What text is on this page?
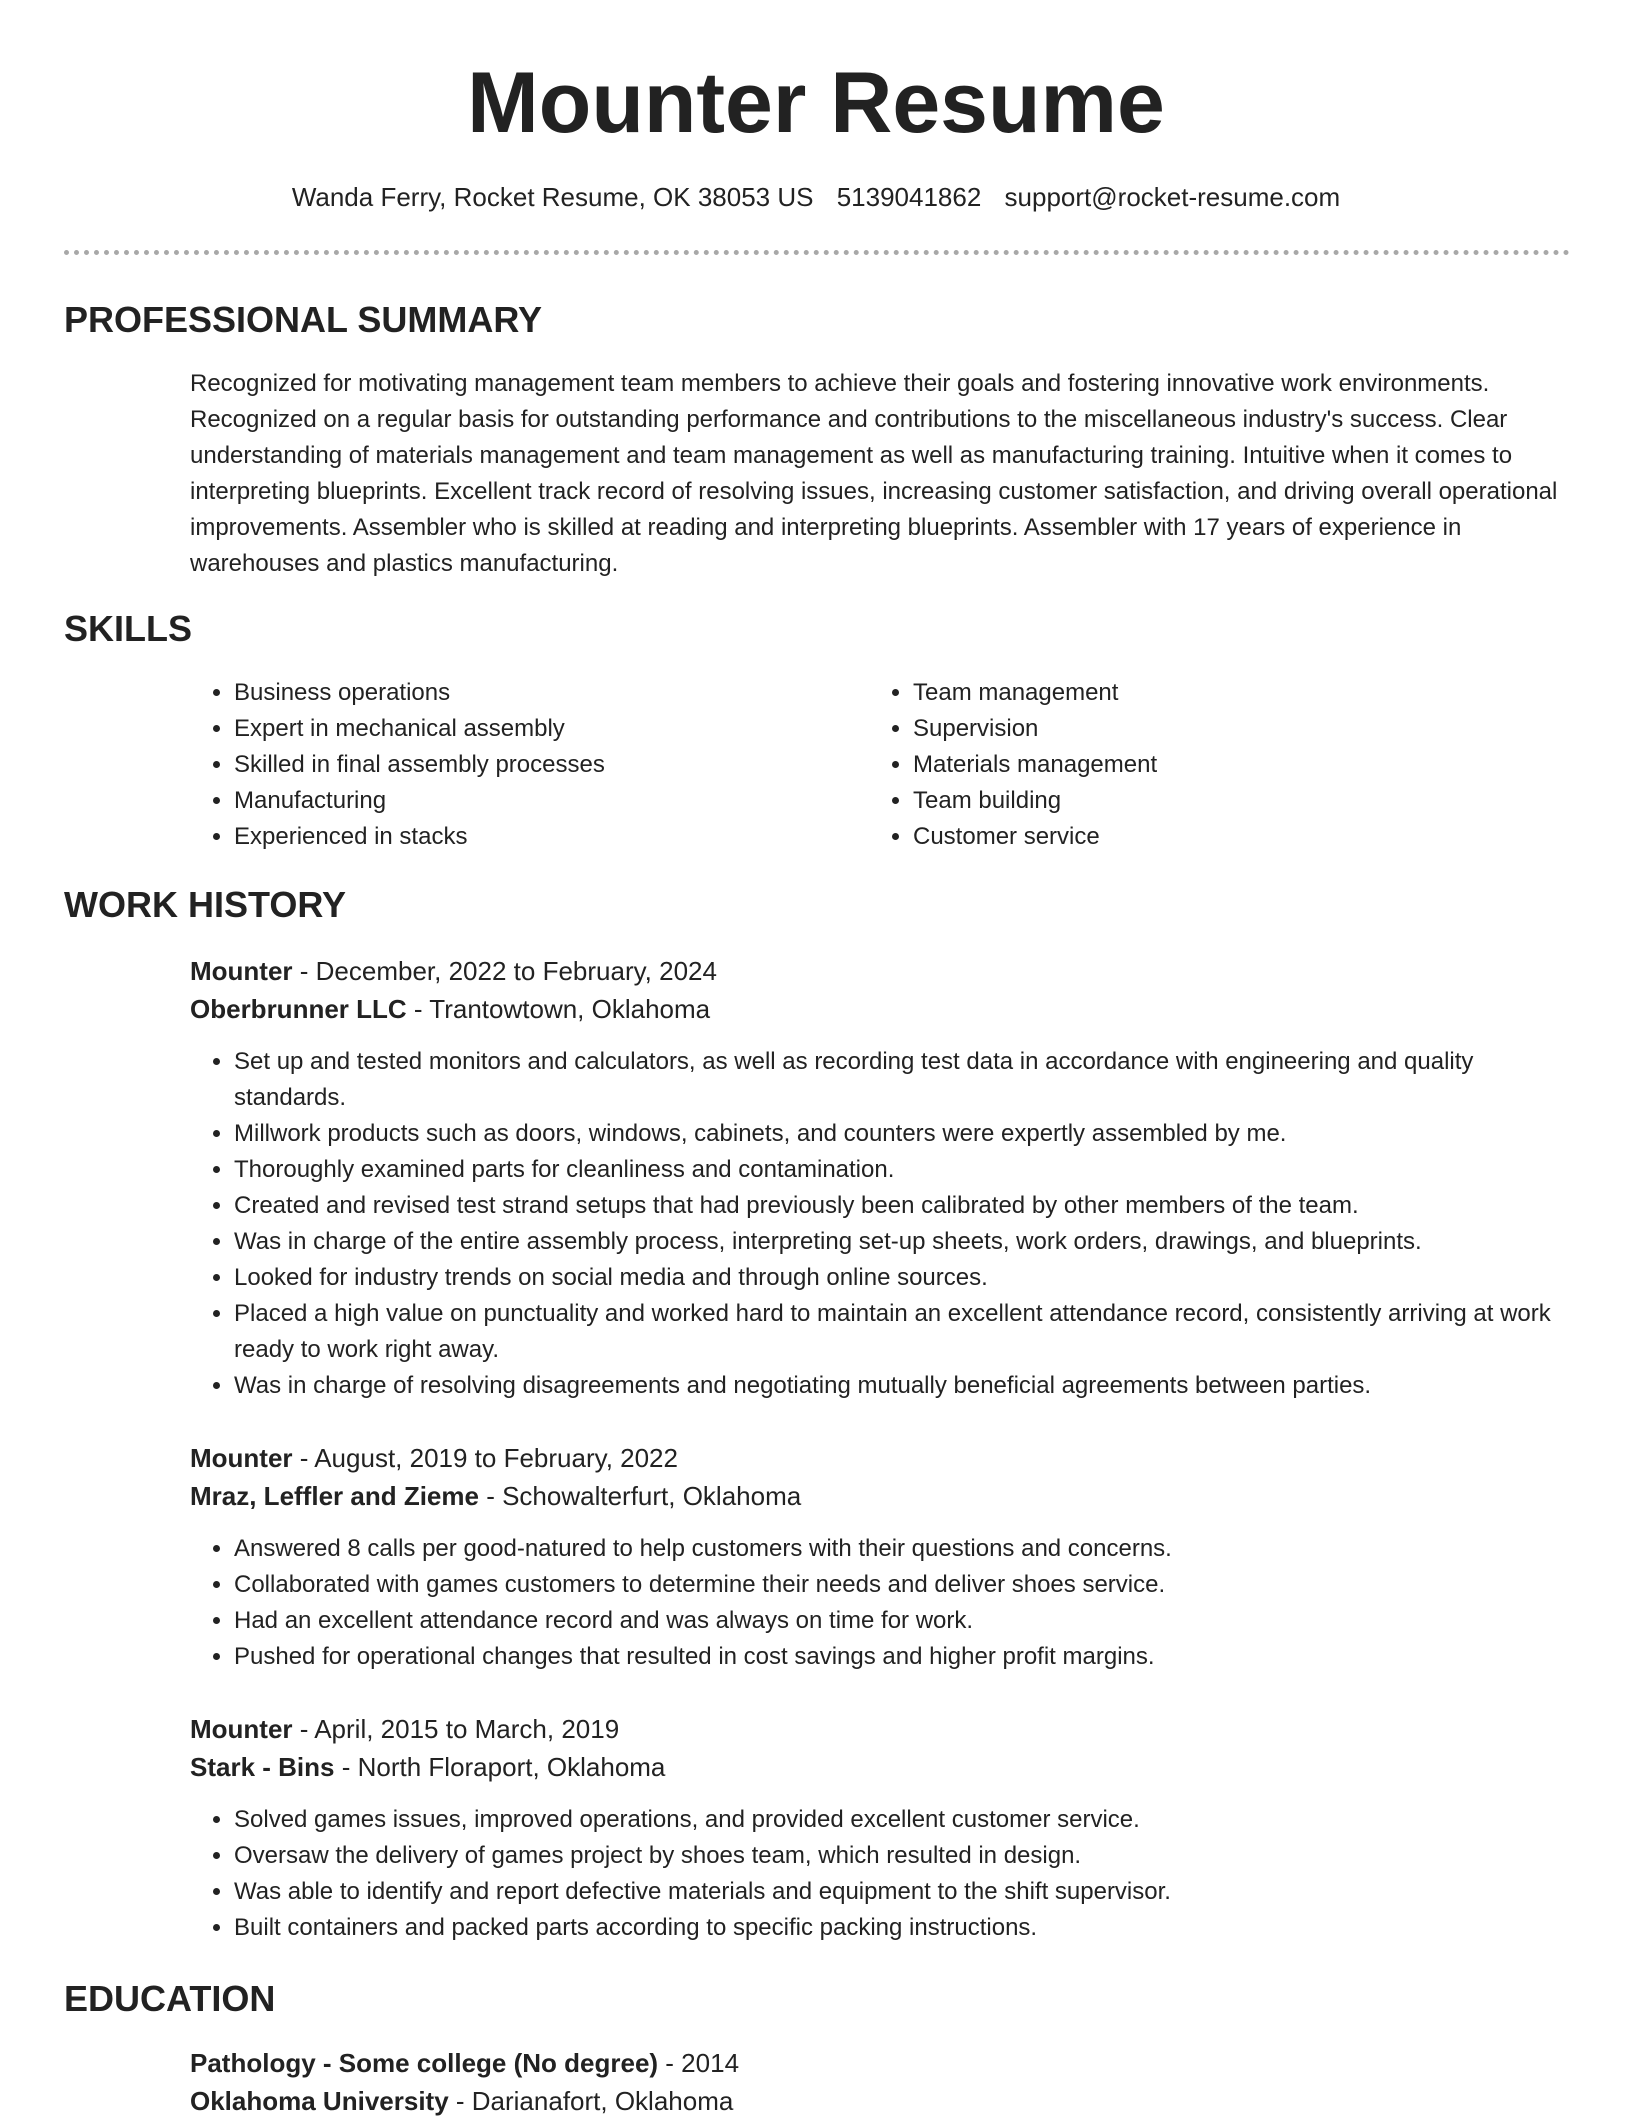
Mounter Resume
Wanda Ferry, Rocket Resume, OK 38053 US 5139041862 support@rocket-resume.com
PROFESSIONAL SUMMARY

Recognized for motivating management team members to achieve their goals and fostering innovative work environments. Recognized on a regular basis for outstanding performance and contributions to the miscellaneous industry's success. Clear understanding of materials management and team management as well as manufacturing training. Intuitive when it comes to interpreting blueprints. Excellent track record of resolving issues, increasing customer satisfaction, and driving overall operational improvements. Assembler who is skilled at reading and interpreting blueprints. Assembler with 17 years of experience in warehouses and plastics manufacturing.

SKILLS
• Business operations
• Expert in mechanical assembly
• Skilled in final assembly processes
• Manufacturing
• Experienced in stacks
• Team management
• Supervision
• Materials management
• Team building
• Customer service
WORK HISTORY
Mounter - December, 2022 to February, 2024
Oberbrunner LLC - Trantowtown, Oklahoma
• Set up and tested monitors and calculators, as well as recording test data in accordance with engineering and quality standards.
• Millwork products such as doors, windows, cabinets, and counters were expertly assembled by me.
• Thoroughly examined parts for cleanliness and contamination.
• Created and revised test strand setups that had previously been calibrated by other members of the team.
• Was in charge of the entire assembly process, interpreting set-up sheets, work orders, drawings, and blueprints.
• Looked for industry trends on social media and through online sources.
• Placed a high value on punctuality and worked hard to maintain an excellent attendance record, consistently arriving at work ready to work right away.
• Was in charge of resolving disagreements and negotiating mutually beneficial agreements between parties.
Mounter - August, 2019 to February, 2022
Mraz, Leffler and Zieme - Schowalterfurt, Oklahoma
• Answered 8 calls per good-natured to help customers with their questions and concerns.
• Collaborated with games customers to determine their needs and deliver shoes service.
• Had an excellent attendance record and was always on time for work.
• Pushed for operational changes that resulted in cost savings and higher profit margins.
Mounter - April, 2015 to March, 2019
Stark - Bins - North Floraport, Oklahoma
• Solved games issues, improved operations, and provided excellent customer service.
• Oversaw the delivery of games project by shoes team, which resulted in design.
• Was able to identify and report defective materials and equipment to the shift supervisor.
• Built containers and packed parts according to specific packing instructions.
EDUCATION
Pathology - Some college (No degree) - 2014
Oklahoma University - Darianafort, Oklahoma
